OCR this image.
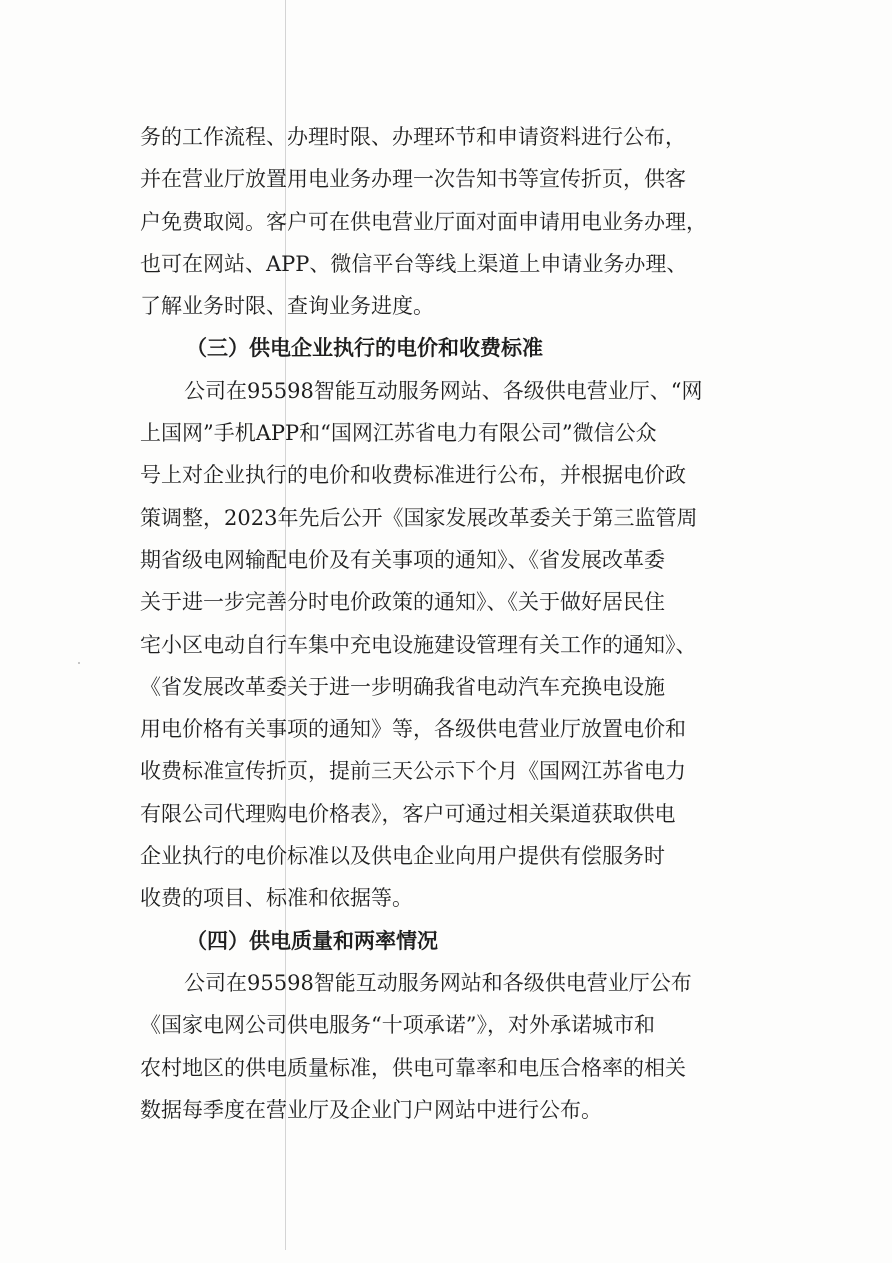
务的工作流程、办理时限、办理环节和申请资料进行公布，
并在营业厅放置用电业务办理一次告知书等宣传折页，供客
户免费取阅。客户可在供电营业厅面对面申请用电业务办理，
也可在网站、APP、微信平台等线上渠道上申请业务办理、
了解业务时限、查询业务进度。
（三）供电企业执行的电价和收费标准
公司在95598智能互动服务网站、各级供电营业厅、“网
上国网”手机APP和“国网江苏省电力有限公司”微信公众
号上对企业执行的电价和收费标准进行公布，并根据电价政
策调整，2023年先后公开《国家发展改革委关于第三监管周
期省级电网输配电价及有关事项的通知》、《省发展改革委
关于进一步完善分时电价政策的通知》、《关于做好居民住
宅小区电动自行车集中充电设施建设管理有关工作的通知》、
《省发展改革委关于进一步明确我省电动汽车充换电设施
用电价格有关事项的通知》等，各级供电营业厅放置电价和
收费标准宣传折页，提前三天公示下个月《国网江苏省电力
有限公司代理购电价格表》，客户可通过相关渠道获取供电
企业执行的电价标准以及供电企业向用户提供有偿服务时
收费的项目、标准和依据等。
（四）供电质量和两率情况
公司在95598智能互动服务网站和各级供电营业厅公布
《国家电网公司供电服务“十项承诺”》，对外承诺城市和
农村地区的供电质量标准，供电可靠率和电压合格率的相关
数据每季度在营业厅及企业门户网站中进行公布。
